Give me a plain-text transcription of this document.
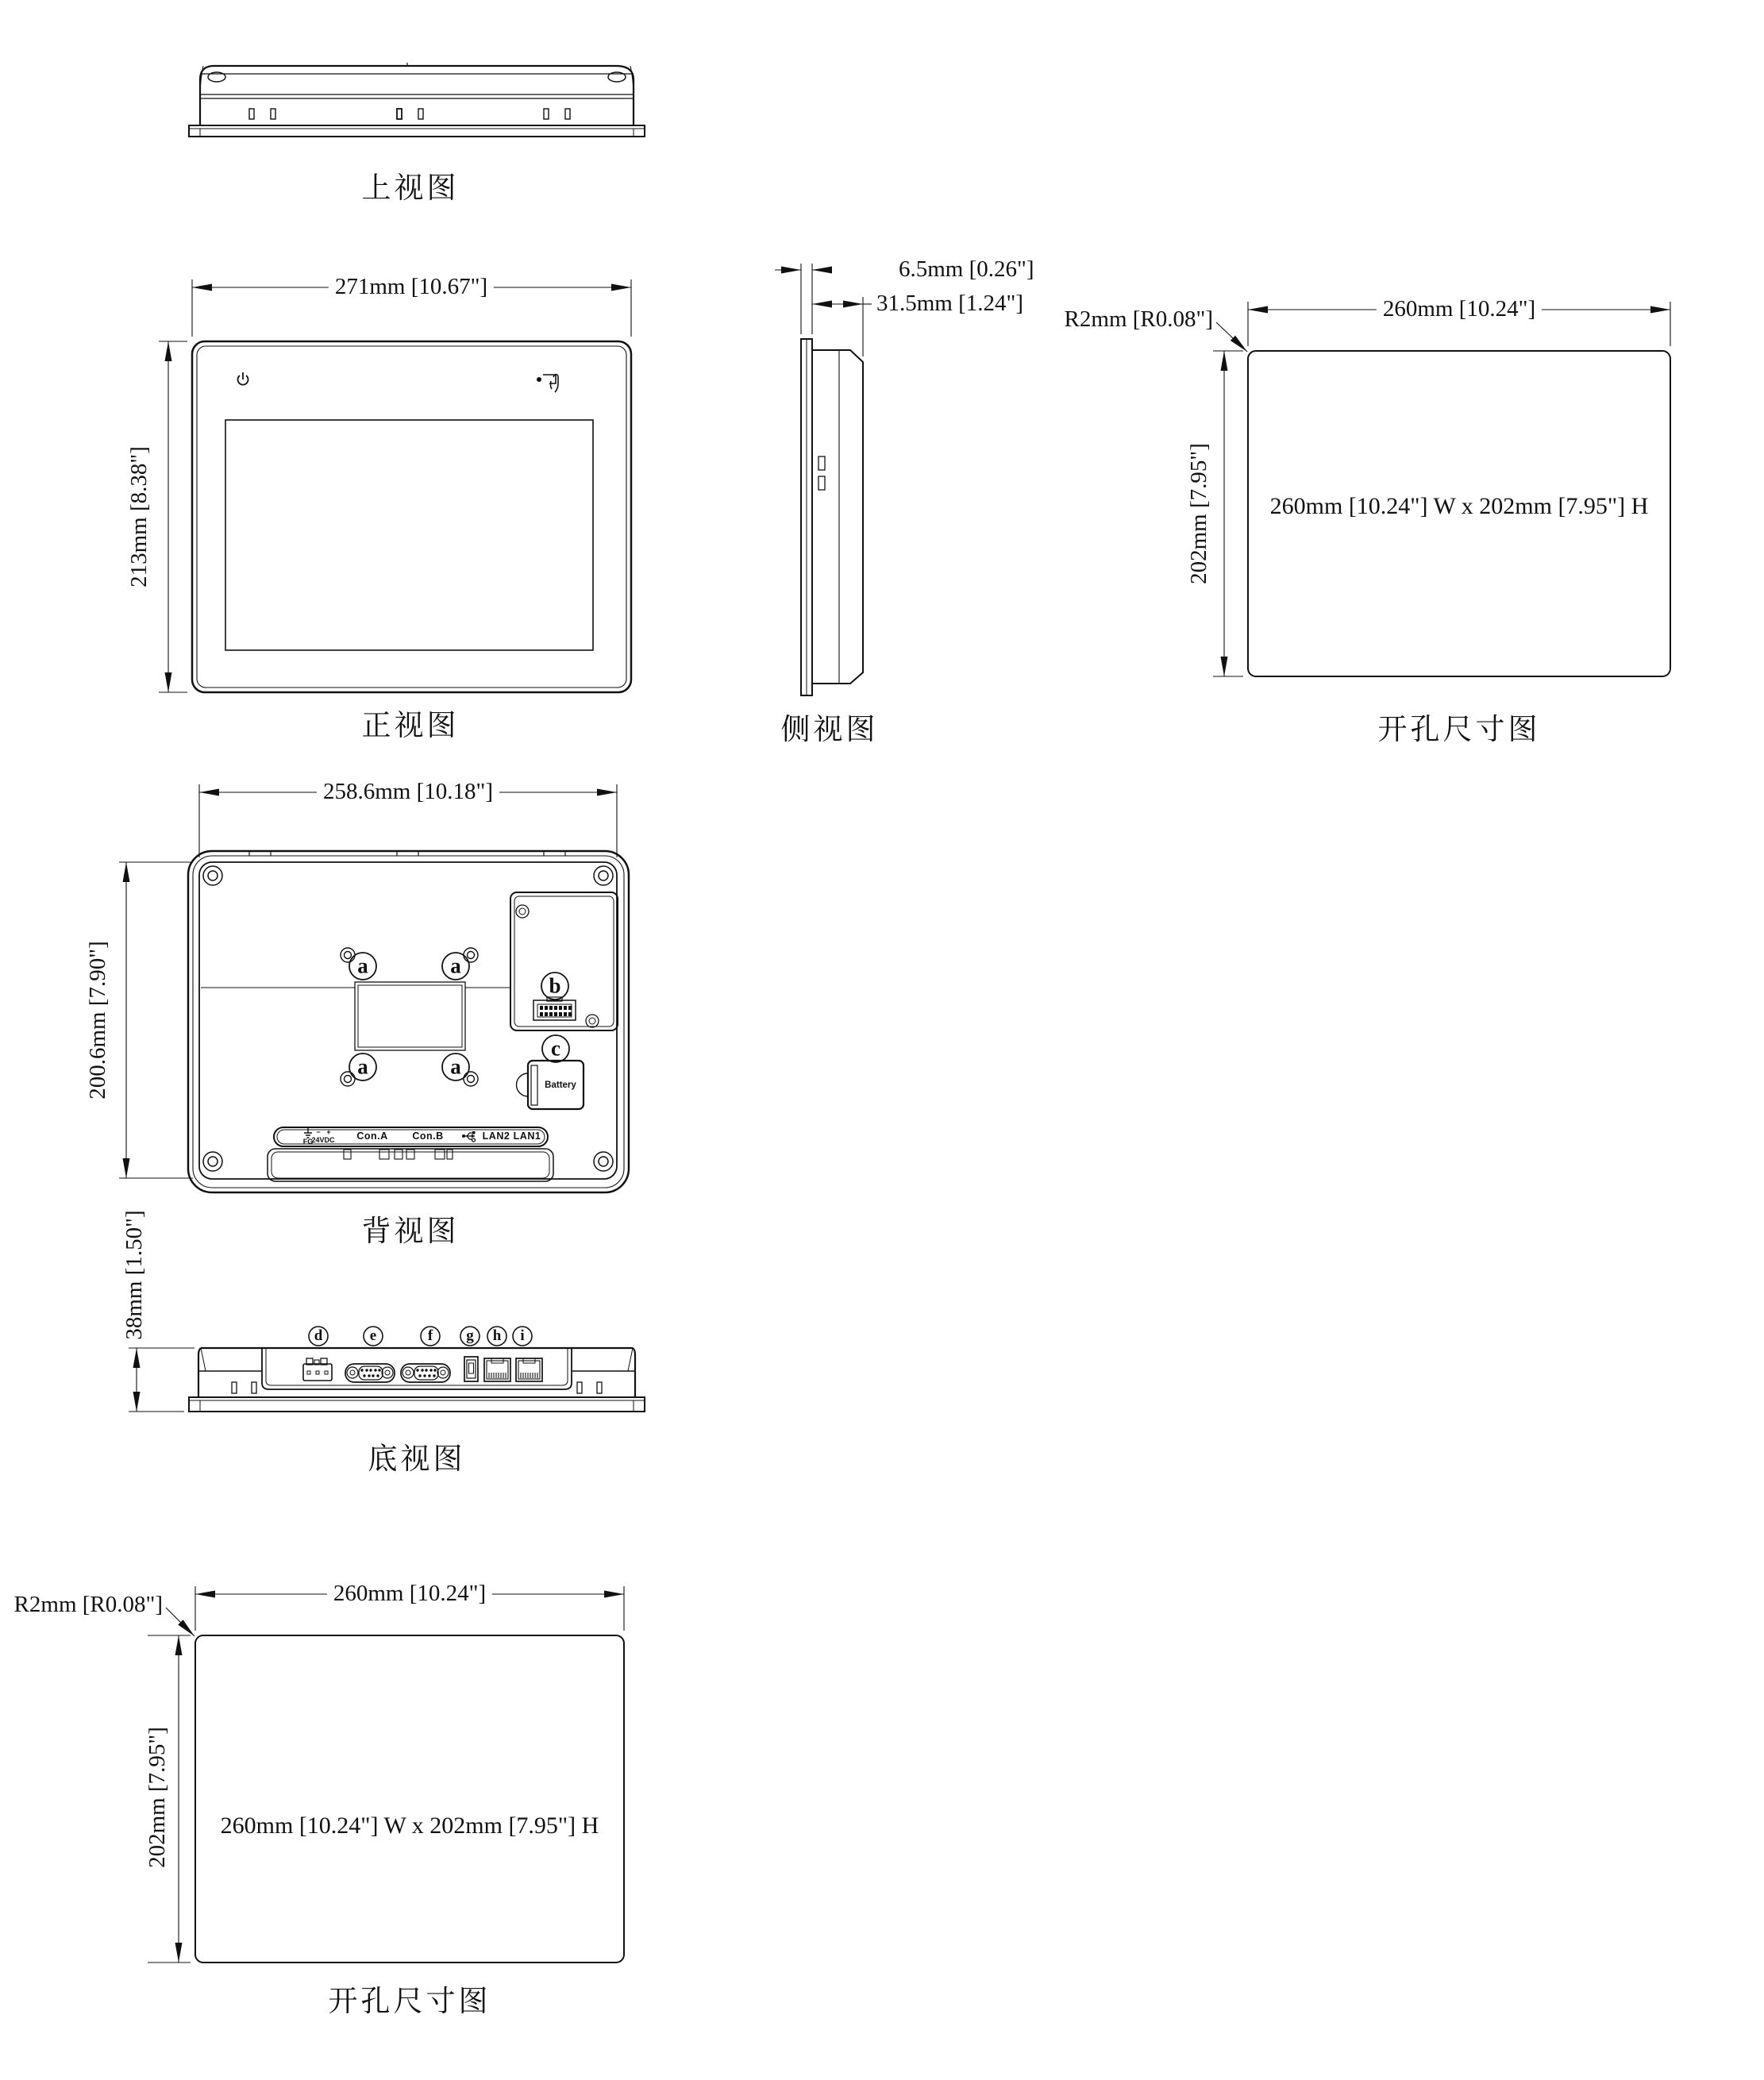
上视图
271mm [10.67"]
213mm [8.38"]
正视图
6.5mm [0.26"]
31.5mm [1.24"]
侧视图
260mm [10.24"]
202mm [7.95"]
R2mm [R0.08"]
260mm [10.24"] W x 202mm [7.95"] H
开孔尺寸图
258.6mm [10.18"]
200.6mm [7.90"]	a	a
a	a
b
c
Battery
FG
− +
24VDC Con.A Con.B	LAN2 LAN1
背视图
38mm [1.50"]	d	e	f g h i
底视图
260mm [10.24"]
202mm [7.95"]
R2mm [R0.08"]
260mm [10.24"] W x 202mm [7.95"] H
开孔尺寸图
